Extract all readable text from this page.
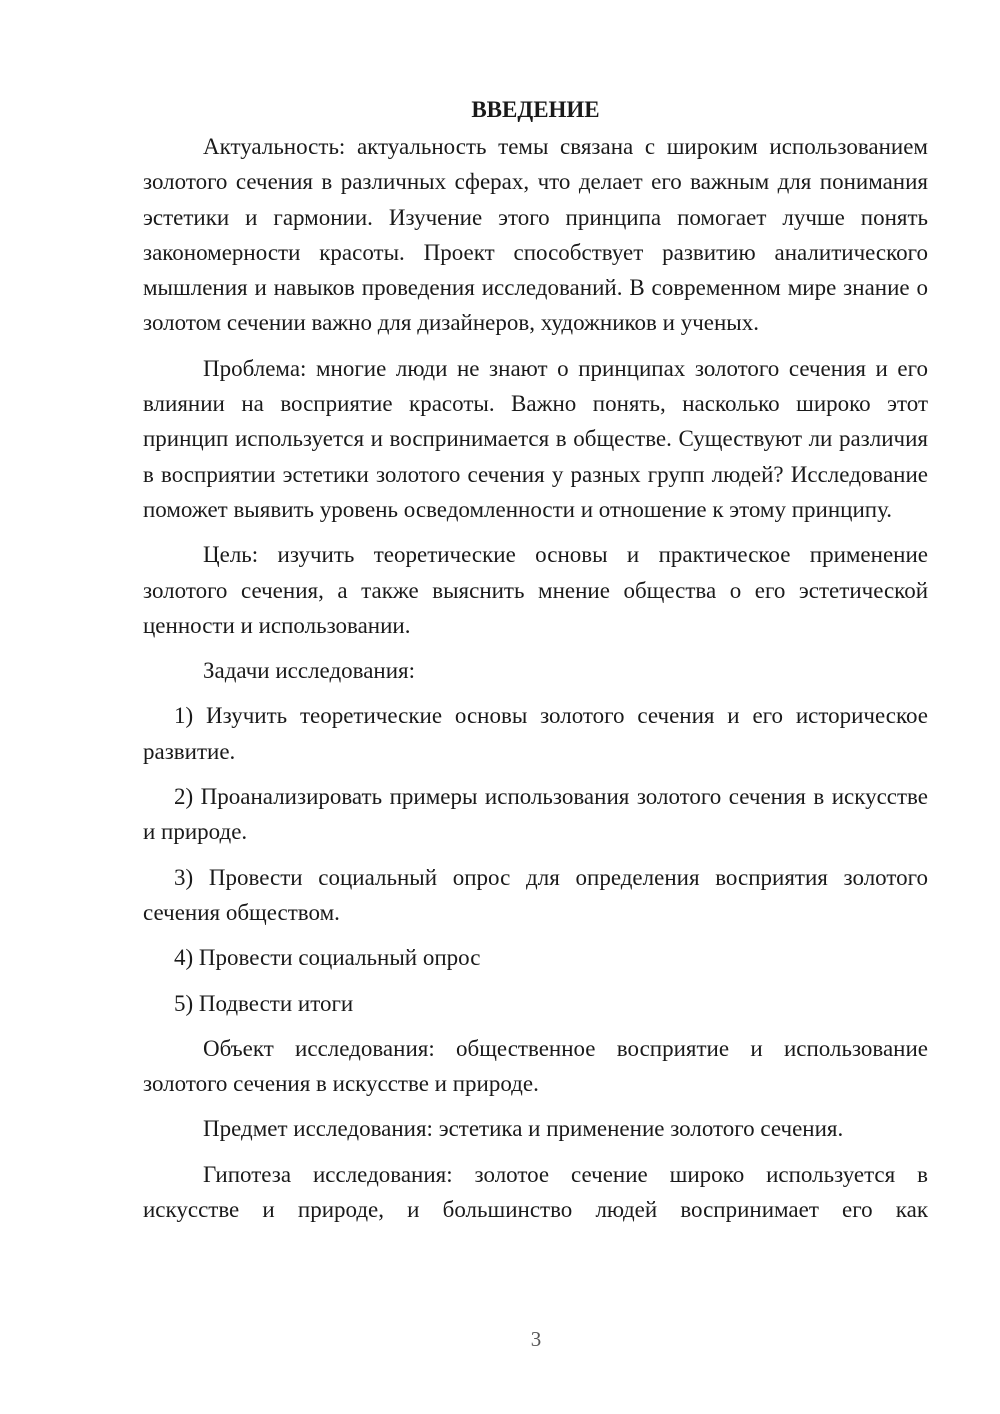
ВВЕДЕНИЕ

Актуальность: актуальность темы связана с широким использованием золотого сечения в различных сферах, что делает его важным для понимания эстетики и гармонии. Изучение этого принципа помогает лучше понять закономерности красоты. Проект способствует развитию аналитического мышления и навыков проведения исследований. В современном мире знание о золотом сечении важно для дизайнеров, художников и ученых.

Проблема: многие люди не знают о принципах золотого сечения и его влиянии на восприятие красоты. Важно понять, насколько широко этот принцип используется и воспринимается в обществе. Существуют ли различия в восприятии эстетики золотого сечения у разных групп людей? Исследование поможет выявить уровень осведомленности и отношение к этому принципу.

Цель: изучить теоретические основы и практическое применение золотого сечения, а также выяснить мнение общества о его эстетической ценности и использовании.

Задачи исследования:

1) Изучить теоретические основы золотого сечения и его историческое развитие.

2) Проанализировать примеры использования золотого сечения в искусстве и природе.

3) Провести социальный опрос для определения восприятия золотого сечения обществом.

4) Провести социальный опрос

5) Подвести итоги

Объект исследования: общественное восприятие и использование золотого сечения в искусстве и природе.

Предмет исследования: эстетика и применение золотого сечения.

Гипотеза исследования: золотое сечение широко используется в искусстве и природе, и большинство людей воспринимает его как

3
